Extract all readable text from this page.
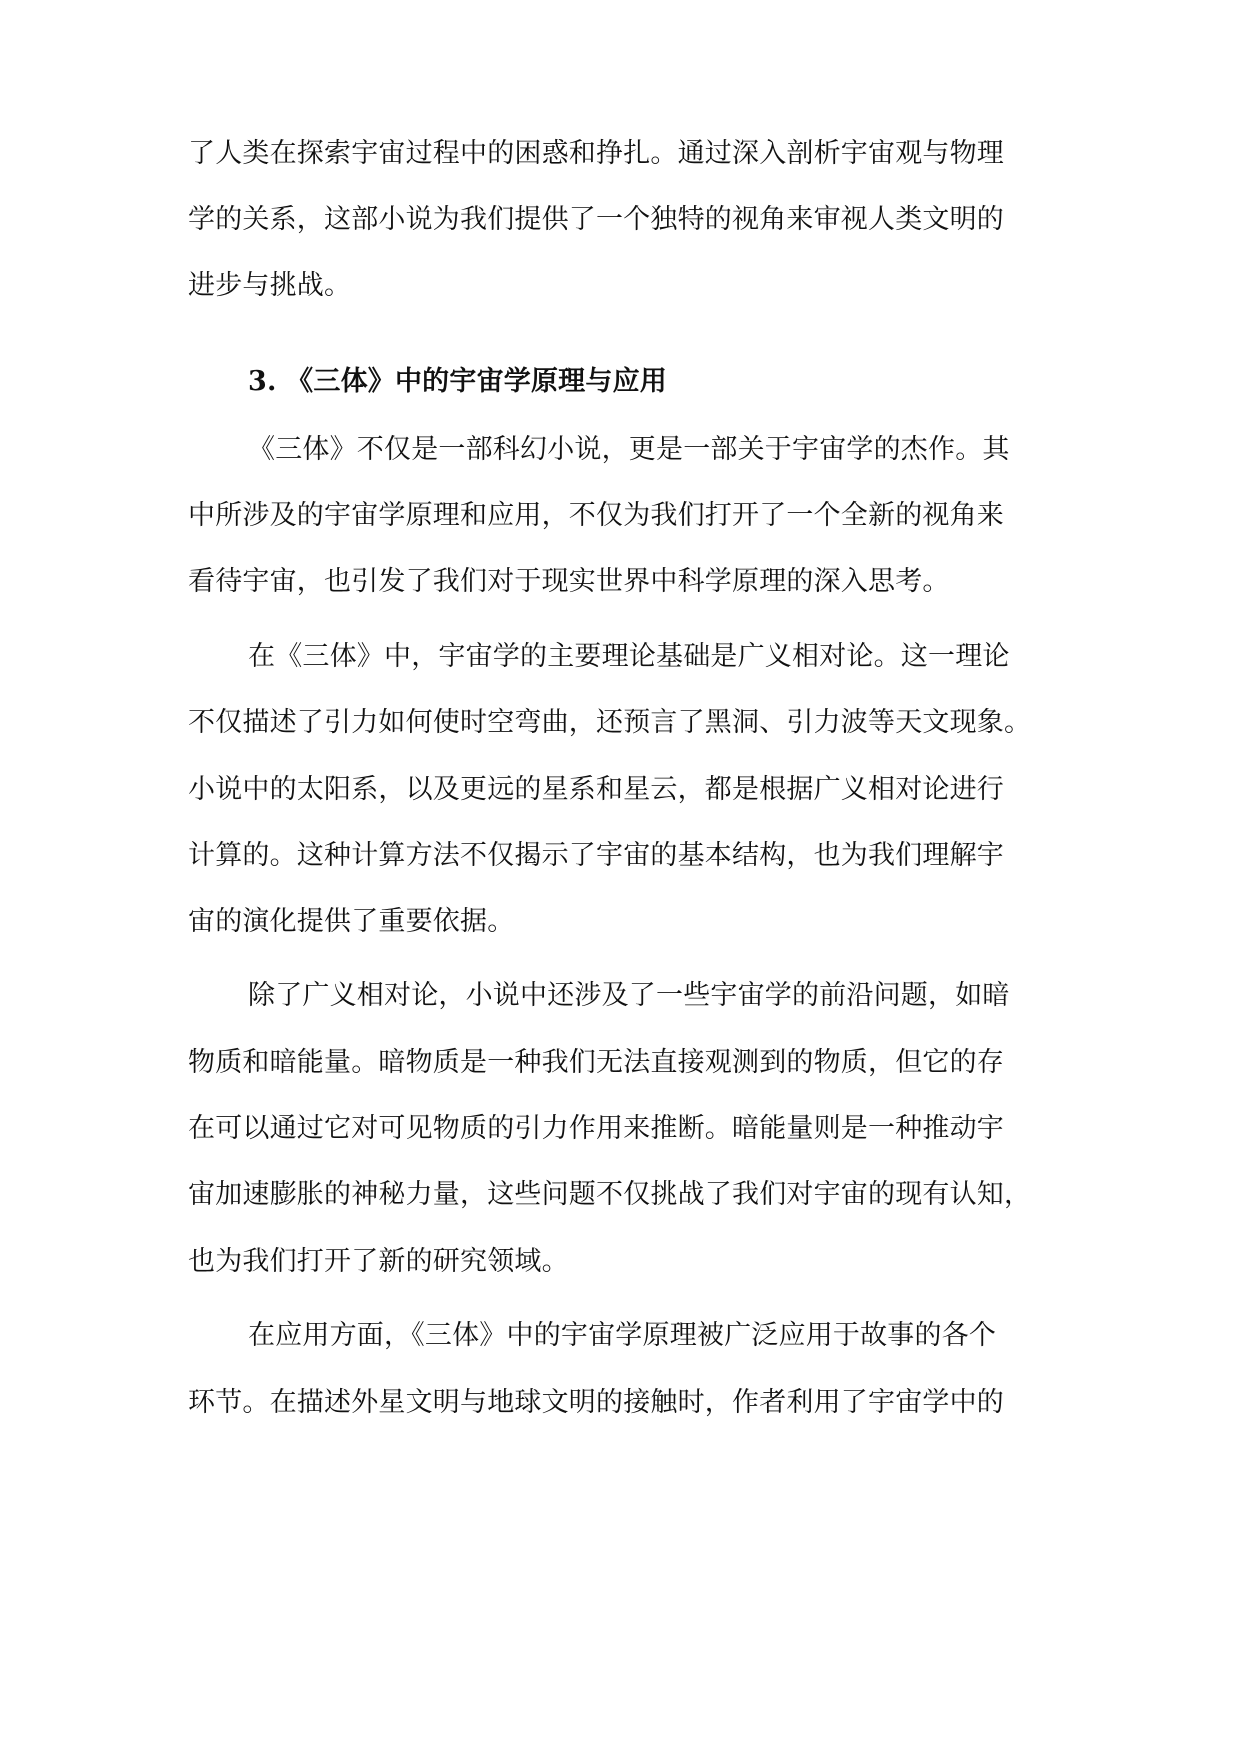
了人类在探索宇宙过程中的困惑和挣扎。通过深入剖析宇宙观与物理
学的关系，这部小说为我们提供了一个独特的视角来审视人类文明的
进步与挑战。
3. 《三体》中的宇宙学原理与应用
《三体》不仅是一部科幻小说，更是一部关于宇宙学的杰作。其
中所涉及的宇宙学原理和应用，不仅为我们打开了一个全新的视角来
看待宇宙，也引发了我们对于现实世界中科学原理的深入思考。
在《三体》中，宇宙学的主要理论基础是广义相对论。这一理论
不仅描述了引力如何使时空弯曲，还预言了黑洞、引力波等天文现象。
小说中的太阳系，以及更远的星系和星云，都是根据广义相对论进行
计算的。这种计算方法不仅揭示了宇宙的基本结构，也为我们理解宇
宙的演化提供了重要依据。
除了广义相对论，小说中还涉及了一些宇宙学的前沿问题，如暗
物质和暗能量。暗物质是一种我们无法直接观测到的物质，但它的存
在可以通过它对可见物质的引力作用来推断。暗能量则是一种推动宇
宙加速膨胀的神秘力量，这些问题不仅挑战了我们对宇宙的现有认知，
也为我们打开了新的研究领域。
在应用方面，《三体》中的宇宙学原理被广泛应用于故事的各个
环节。在描述外星文明与地球文明的接触时，作者利用了宇宙学中的
